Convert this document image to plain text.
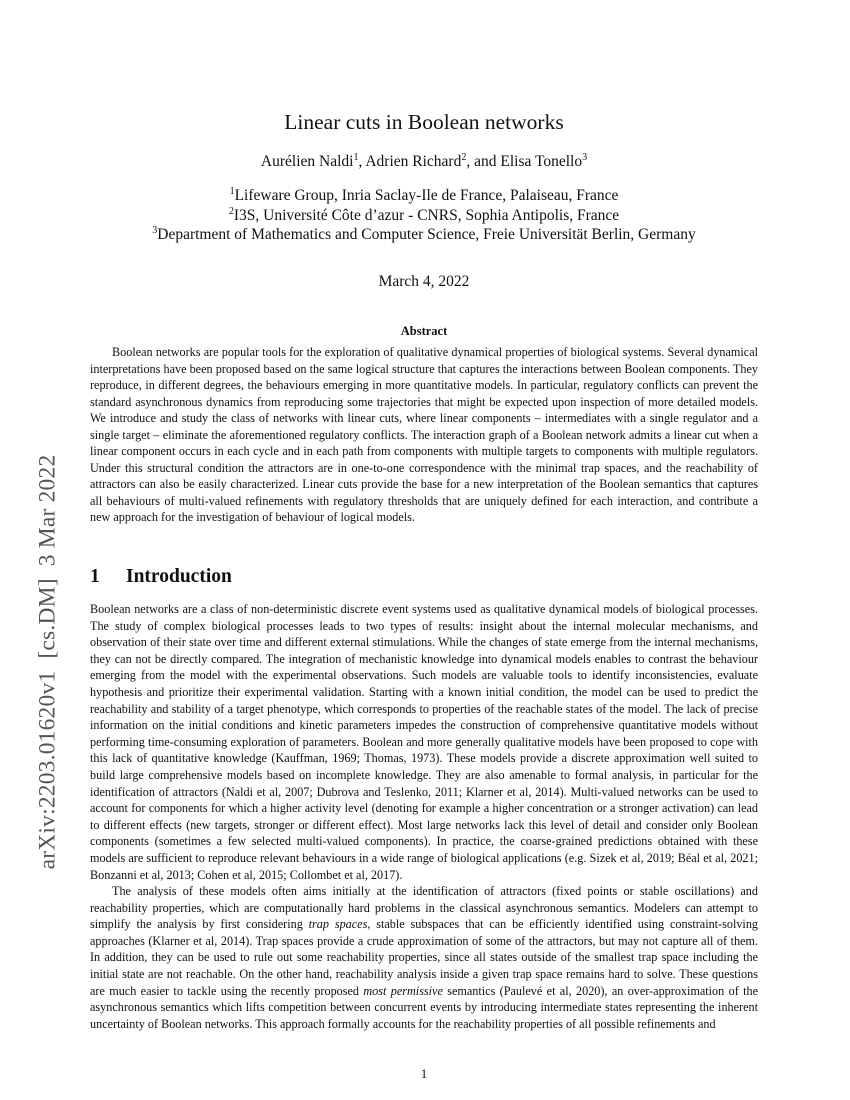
arXiv:2203.01620v1[cs.DM]3 Mar 2022
Linear cuts in Boolean networks
Aurélien Naldi$^1$, Adrien Richard$^2$, and Elisa Tonello$^3$
$^1$Lifeware Group, Inria Saclay-Ile de France, Palaiseau, France
$^2$I3S, Université Côte d’azur - CNRS, Sophia Antipolis, France
$^3$Department of Mathematics and Computer Science, Freie Universität Berlin, Germany
March 4, 2022
Abstract

Boolean networks are popular tools for the exploration of qualitative dynamical properties of biological systems. Several dynamical interpretations have been proposed based on the same logical structure that captures the interactions between Boolean components. They reproduce, in different degrees, the behaviours emerging in more quantitative models. In particular, regulatory conflicts can prevent the standard asynchronous dynamics from reproducing some trajectories that might be expected upon inspection of more detailed models. We introduce and study the class of networks with linear cuts, where linear components – intermediates with a single regulator and a single target – eliminate the aforementioned regulatory conflicts. The interaction graph of a Boolean network admits a linear cut when a linear component occurs in each cycle and in each path from components with multiple targets to components with multiple regulators. Under this structural condition the attractors are in one-to-one correspondence with the minimal trap spaces, and the reachability of attractors can also be easily characterized. Linear cuts provide the base for a new interpretation of the Boolean semantics that captures all behaviours of multi-valued refinements with regulatory thresholds that are uniquely defined for each interaction, and contribute a new approach for the investigation of behaviour of logical models.

1 Introduction

Boolean networks are a class of non-deterministic discrete event systems used as qualitative dynamical models of biological processes. The study of complex biological processes leads to two types of results: insight about the internal molecular mechanisms, and observation of their state over time and different external stimulations. While the changes of state emerge from the internal mechanisms, they can not be directly compared. The integration of mechanistic knowledge into dynamical models enables to contrast the behaviour emerging from the model with the experimental observations. Such models are valuable tools to identify inconsistencies, evaluate hypothesis and prioritize their experimental validation. Starting with a known initial condition, the model can be used to predict the reachability and stability of a target phenotype, which corresponds to properties of the reachable states of the model. The lack of precise information on the initial conditions and kinetic parameters impedes the construction of comprehensive quantitative models without performing time-consuming exploration of parameters. Boolean and more generally qualitative models have been proposed to cope with this lack of quantitative knowledge (Kauffman, 1969; Thomas, 1973). These models provide a discrete approximation well suited to build large comprehensive models based on incomplete knowledge. They are also amenable to formal analysis, in particular for the identification of attractors (Naldi et al, 2007; Dubrova and Teslenko, 2011; Klarner et al, 2014). Multi-valued networks can be used to account for components for which a higher activity level (denoting for example a higher concentration or a stronger activation) can lead to different effects (new targets, stronger or different effect). Most large networks lack this level of detail and consider only Boolean components (sometimes a few selected multi-valued components). In practice, the coarse-grained predictions obtained with these models are sufficient to reproduce relevant behaviours in a wide range of biological applications (e.g. Sizek et al, 2019; Béal et al, 2021; Bonzanni et al, 2013; Cohen et al, 2015; Collombet et al, 2017).

The analysis of these models often aims initially at the identification of attractors (fixed points or stable oscillations) and reachability properties, which are computationally hard problems in the classical asynchronous semantics. Modelers can attempt to simplify the analysis by first considering trap spaces, stable subspaces that can be efficiently identified using constraint-solving approaches (Klarner et al, 2014). Trap spaces provide a crude approximation of some of the attractors, but may not capture all of them. In addition, they can be used to rule out some reachability properties, since all states outside of the smallest trap space including the initial state are not reachable. On the other hand, reachability analysis inside a given trap space remains hard to solve. These questions are much easier to tackle using the recently proposed most permissive semantics (Paulevé et al, 2020), an over-approximation of the asynchronous semantics which lifts competition between concurrent events by introducing intermediate states representing the inherent uncertainty of Boolean networks. This approach formally accounts for the reachability properties of all possible refinements and

1
